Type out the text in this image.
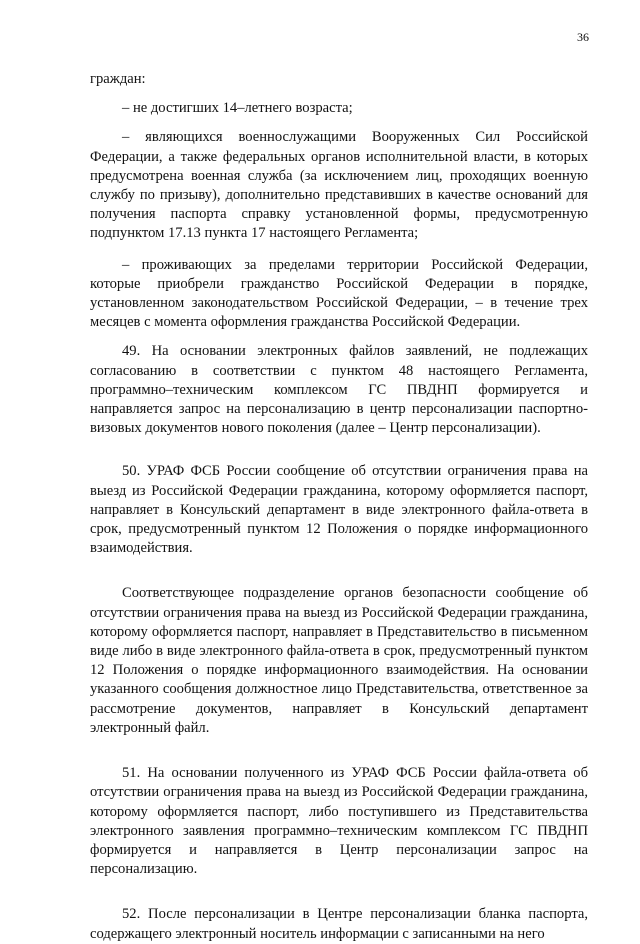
36

граждан:

– не достигших 14–летнего возраста;

– являющихся военнослужащими Вооруженных Сил Российской Федерации, а также федеральных органов исполнительной власти, в которых предусмотрена военная служба (за исключением лиц, проходящих военную службу по призыву), дополнительно представивших в качестве оснований для получения паспорта справку установленной формы, предусмотренную подпунктом 17.13 пункта 17 настоящего Регламента;

– проживающих за пределами территории Российской Федерации, которые приобрели гражданство Российской Федерации в порядке, установленном законодательством Российской Федерации, – в течение трех месяцев с момента оформления гражданства Российской Федерации.

49. На основании электронных файлов заявлений, не подлежащих согласованию в соответствии с пунктом 48 настоящего Регламента, программно–техническим комплексом ГС ПВДНП формируется и направляется запрос на персонализацию в центр персонализации паспортно-визовых документов нового поколения (далее – Центр персонализации).

50. УРАФ ФСБ России сообщение об отсутствии ограничения права на выезд из Российской Федерации гражданина, которому оформляется паспорт, направляет в Консульский департамент в виде электронного файла-ответа в срок, предусмотренный пунктом 12 Положения о порядке информационного взаимодействия.

Соответствующее подразделение органов безопасности сообщение об отсутствии ограничения права на выезд из Российской Федерации гражданина, которому оформляется паспорт, направляет в Представительство в письменном виде либо в виде электронного файла-ответа в срок, предусмотренный пунктом 12 Положения о порядке информационного взаимодействия. На основании указанного сообщения должностное лицо Представительства, ответственное за рассмотрение документов, направляет в Консульский департамент электронный файл.

51. На основании полученного из УРАФ ФСБ России файла-ответа об отсутствии ограничения права на выезд из Российской Федерации гражданина, которому оформляется паспорт, либо поступившего из Представительства электронного заявления программно–техническим комплексом ГС ПВДНП формируется и направляется в Центр персонализации запрос на персонализацию.

52. После персонализации в Центре персонализации бланка паспорта, содержащего электронный носитель информации с записанными на него
